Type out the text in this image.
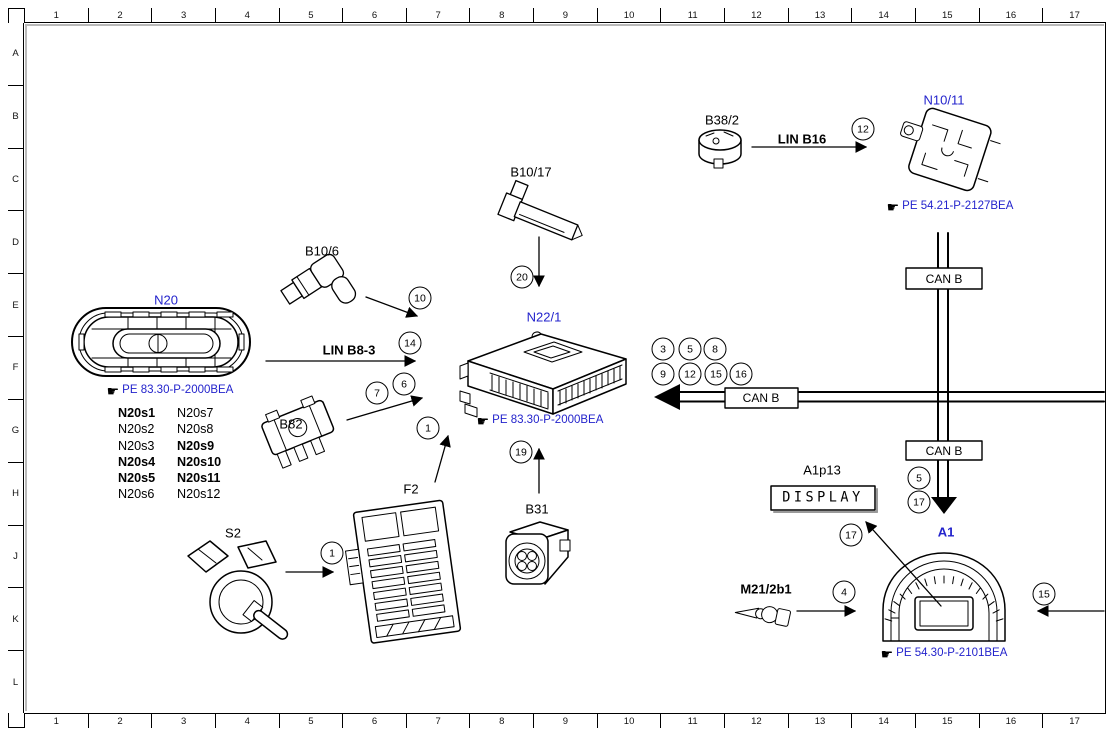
1	2	3	4	5	6	7	8	9	10	11	12	13	14	15	16	17
1	2	3	4	5	6	7	8	9	10	11	12	13	14	15	16	17
A
B
C
D
E
F
G
H
J
K
L
N20s1	N20s7
N20s2	N20s8
N20s3	N20s9
N20s4	N20s10
N20s5	N20s11
N20s6	N20s12
N20
☛ PE 83.30-P-2000BEA
B10/6
LIN B8-3
B82
F2
S2
B10/17
N22/1
☛ PE 83.30-P-2000BEA
B31
B38/2
LIN B16
N10/11
☛ PE 54.21-P-2127BEA
CAN B
CAN B
CAN B
A1p13
DISPLAY
M21/2b1
A1
☛ PE 54.30-P-2101BEA
10
14
6
7
1
1
20
19
12
3	5	8
9	12	15	16
5
17
17
4	15
